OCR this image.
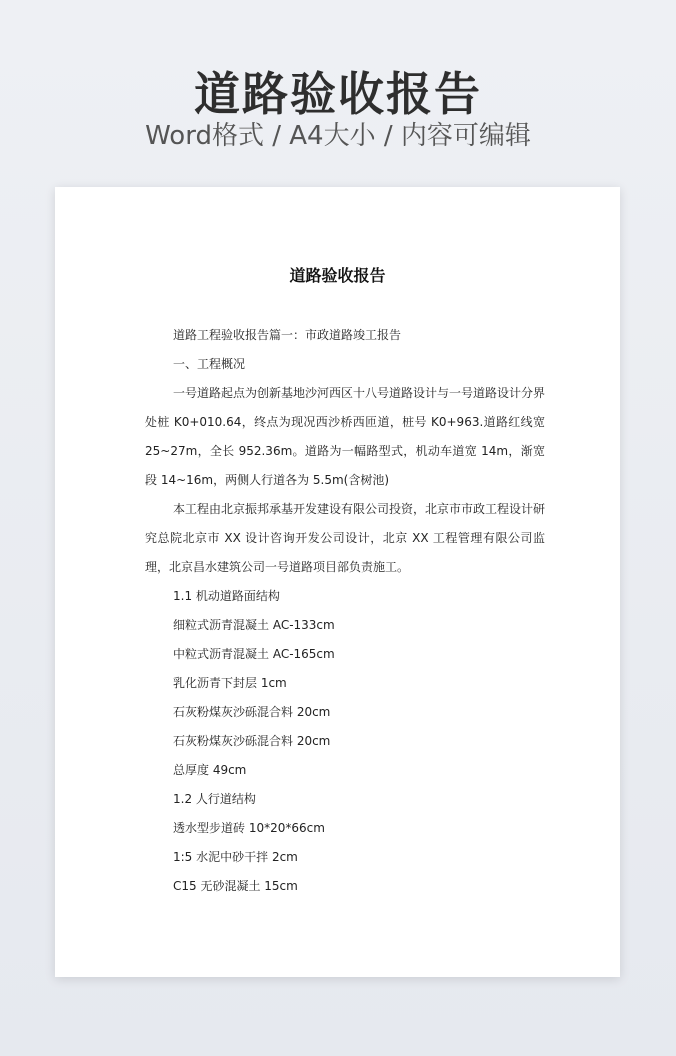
道路验收报告
Word格式 / A4大小 / 内容可编辑
道路验收报告

道路工程验收报告篇一：市政道路竣工报告

一、工程概况

一号道路起点为创新基地沙河西区十八号道路设计与一号道路设计分界处桩 K0+010.64，终点为现况西沙桥西匝道，桩号 K0+963.道路红线宽 25~27m，全长 952.36m。道路为一幅路型式，机动车道宽 14m，渐宽段 14~16m，两侧人行道各为 5.5m(含树池)

本工程由北京振邦承基开发建设有限公司投资，北京市市政工程设计研究总院北京市 XX 设计咨询开发公司设计，北京 XX 工程管理有限公司监理，北京昌水建筑公司一号道路项目部负责施工。

1.1 机动道路面结构

细粒式沥青混凝土 AC-133cm

中粒式沥青混凝土 AC-165cm

乳化沥青下封层 1cm

石灰粉煤灰沙砾混合料 20cm

石灰粉煤灰沙砾混合料 20cm

总厚度 49cm

1.2 人行道结构

透水型步道砖 10*20*66cm

1:5 水泥中砂干拌 2cm

C15 无砂混凝土 15cm
